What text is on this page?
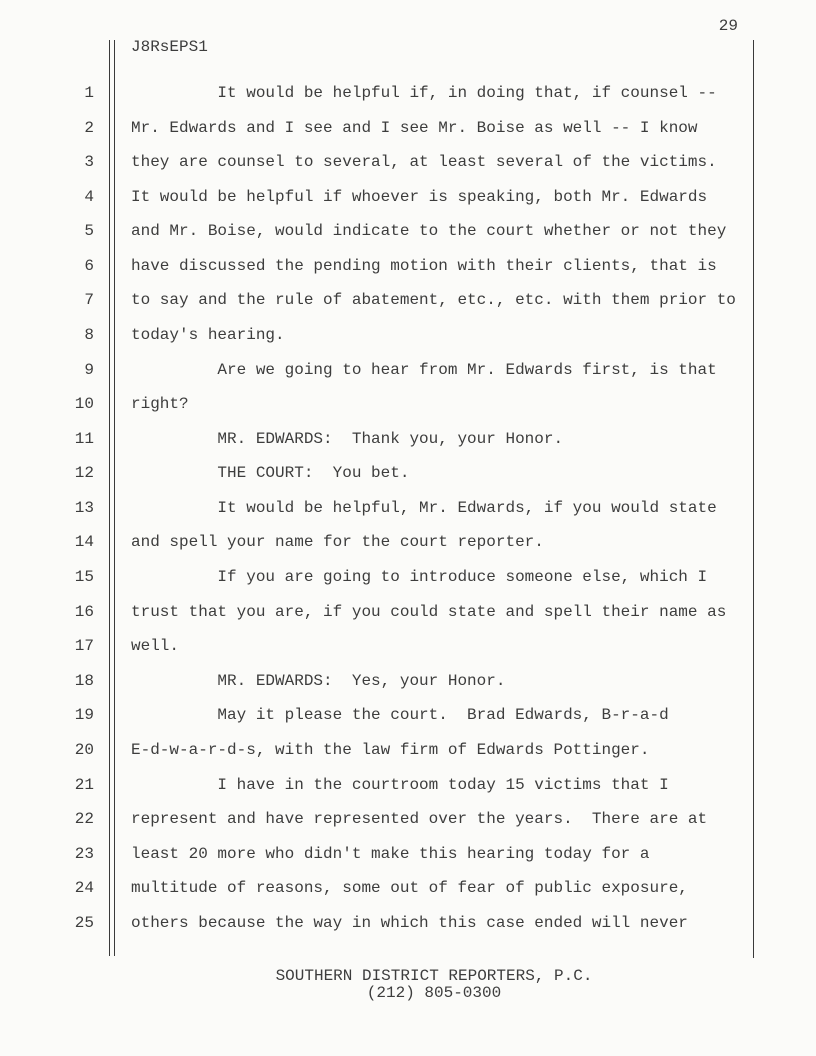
29
J8RsEPS1
1 It would be helpful if, in doing that, if counsel --
2 Mr. Edwards and I see and I see Mr. Boise as well -- I know
3 they are counsel to several, at least several of the victims.
4 It would be helpful if whoever is speaking, both Mr. Edwards
5 and Mr. Boise, would indicate to the court whether or not they
6 have discussed the pending motion with their clients, that is
7 to say and the rule of abatement, etc., etc. with them prior to
8 today's hearing.
9 Are we going to hear from Mr. Edwards first, is that
10 right?
11 MR. EDWARDS:  Thank you, your Honor.
12 THE COURT:  You bet.
13 It would be helpful, Mr. Edwards, if you would state
14 and spell your name for the court reporter.
15 If you are going to introduce someone else, which I
16 trust that you are, if you could state and spell their name as
17 well.
18 MR. EDWARDS:  Yes, your Honor.
19 May it please the court.  Brad Edwards, B-r-a-d
20 E-d-w-a-r-d-s, with the law firm of Edwards Pottinger.
21 I have in the courtroom today 15 victims that I
22 represent and have represented over the years.  There are at
23 least 20 more who didn't make this hearing today for a
24 multitude of reasons, some out of fear of public exposure,
25 others because the way in which this case ended will never
SOUTHERN DISTRICT REPORTERS, P.C.
(212) 805-0300
